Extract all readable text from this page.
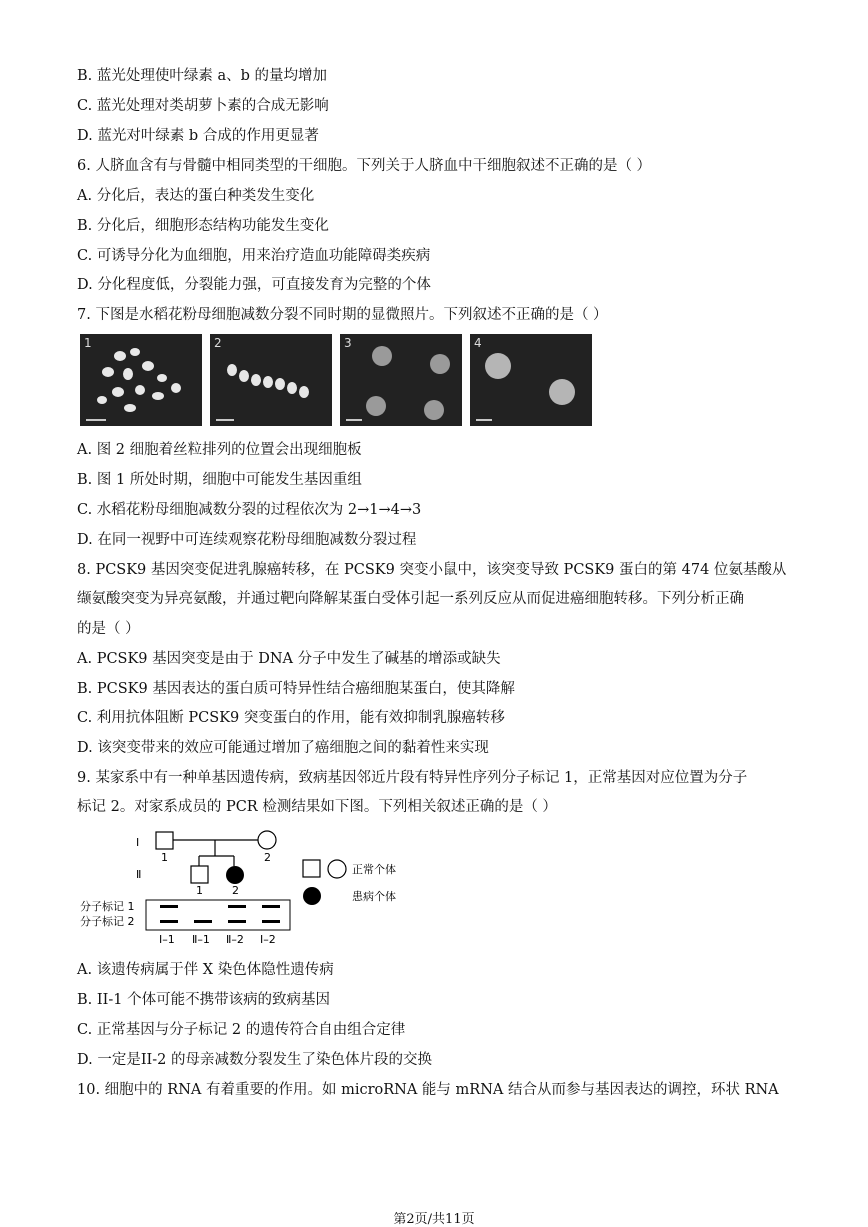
B. 蓝光处理使叶绿素 a、b 的量均增加
C. 蓝光处理对类胡萝卜素的合成无影响
D. 蓝光对叶绿素 b 合成的作用更显著
6. 人脐血含有与骨髓中相同类型的干细胞。下列关于人脐血中干细胞叙述不正确的是（ ）
A. 分化后，表达的蛋白种类发生变化
B. 分化后，细胞形态结构功能发生变化
C. 可诱导分化为血细胞，用来治疗造血功能障碍类疾病
D. 分化程度低，分裂能力强，可直接发育为完整的个体
7. 下图是水稻花粉母细胞减数分裂不同时期的显微照片。下列叙述不正确的是（ ）
1	2	3	4
A. 图 2 细胞着丝粒排列的位置会出现细胞板
B. 图 1 所处时期，细胞中可能发生基因重组
C. 水稻花粉母细胞减数分裂的过程依次为 2→1→4→3
D. 在同一视野中可连续观察花粉母细胞减数分裂过程
8. PCSK9 基因突变促进乳腺癌转移，在 PCSK9 突变小鼠中，该突变导致 PCSK9 蛋白的第 474 位氨基酸从
缬氨酸突变为异亮氨酸，并通过靶向降解某蛋白受体引起一系列反应从而促进癌细胞转移。下列分析正确
的是（ ）
A. PCSK9 基因突变是由于 DNA 分子中发生了碱基的增添或缺失
B. PCSK9 基因表达的蛋白质可特异性结合癌细胞某蛋白，使其降解
C. 利用抗体阻断 PCSK9 突变蛋白的作用，能有效抑制乳腺癌转移
D. 该突变带来的效应可能通过增加了癌细胞之间的黏着性来实现
9. 某家系中有一种单基因遗传病，致病基因邻近片段有特异性序列分子标记 1，正常基因对应位置为分子
标记 2。对家系成员的 PCR 检测结果如下图。下列相关叙述正确的是（ ）
Ⅰ
1	2
Ⅱ
1	2
正常个体
患病个体
分子标记 1
分子标记 2
Ⅰ–1 Ⅱ–1 Ⅱ–2 Ⅰ–2
A. 该遗传病属于伴 X 染色体隐性遗传病
B. II-1 个体可能不携带该病的致病基因
C. 正常基因与分子标记 2 的遗传符合自由组合定律
D. 一定是II-2 的母亲减数分裂发生了染色体片段的交换
10. 细胞中的 RNA 有着重要的作用。如 microRNA 能与 mRNA 结合从而参与基因表达的调控，环状 RNA
第2页/共11页
